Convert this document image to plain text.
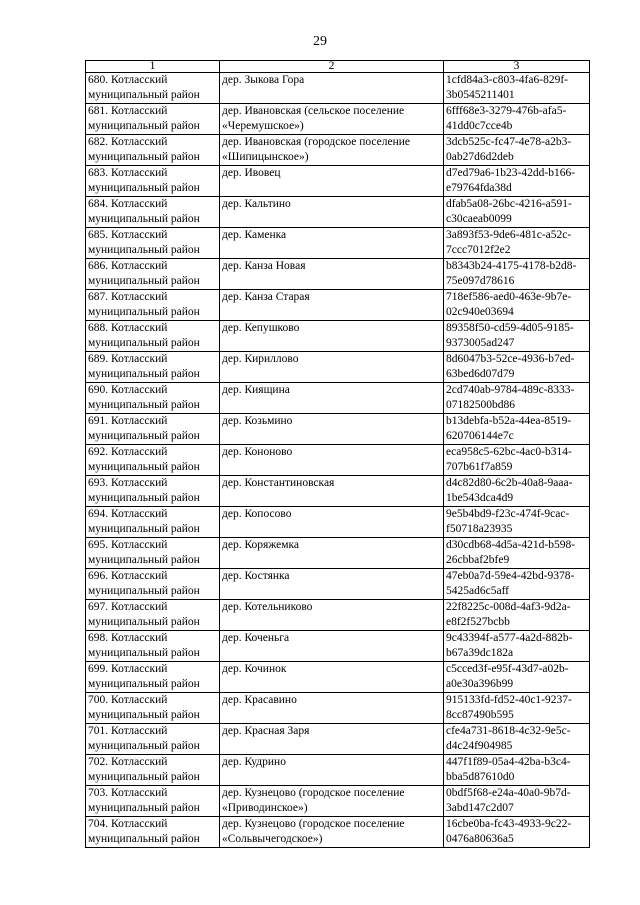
29
1	2	3

680. Котласский
муниципальный район	дер. Зыкова Гора	1cfd84a3-c803-4fa6-829f-
3b0545211401

681. Котласский
муниципальный район	дер. Ивановская (сельское поселение
«Черемушское»)	6fff68e3-3279-476b-afa5-
41dd0c7cce4b

682. Котласский
муниципальный район	дер. Ивановская (городское поселение
«Шипицынское»)	3dcb525c-fc47-4e78-a2b3-
0ab27d6d2deb

683. Котласский
муниципальный район	дер. Ивовец	d7ed79a6-1b23-42dd-b166-
e79764fda38d

684. Котласский
муниципальный район	дер. Кальтино	dfab5a08-26bc-4216-a591-
c30caeab0099

685. Котласский
муниципальный район	дер. Каменка	3a893f53-9de6-481c-a52c-
7ccc7012f2e2

686. Котласский
муниципальный район	дер. Канза Новая	b8343b24-4175-4178-b2d8-
75e097d78616

687. Котласский
муниципальный район	дер. Канза Старая	718ef586-aed0-463e-9b7e-
02c940e03694

688. Котласский
муниципальный район	дер. Кепушково	89358f50-cd59-4d05-9185-
9373005ad247

689. Котласский
муниципальный район	дер. Кириллово	8d6047b3-52ce-4936-b7ed-
63bed6d07d79

690. Котласский
муниципальный район	дер. Киящина	2cd740ab-9784-489c-8333-
07182500bd86

691. Котласский
муниципальный район	дер. Козьмино	b13debfa-b52a-44ea-8519-
620706144e7c

692. Котласский
муниципальный район	дер. Кононово	eca958c5-62bc-4ac0-b314-
707b61f7a859

693. Котласский
муниципальный район	дер. Константиновская	d4c82d80-6c2b-40a8-9aaa-
1be543dca4d9

694. Котласский
муниципальный район	дер. Копосово	9e5b4bd9-f23c-474f-9cac-
f50718a23935

695. Котласский
муниципальный район	дер. Коряжемка	d30cdb68-4d5a-421d-b598-
26cbbaf2bfe9

696. Котласский
муниципальный район	дер. Костянка	47eb0a7d-59e4-42bd-9378-
5425ad6c5aff

697. Котласский
муниципальный район	дер. Котельниково	22f8225c-008d-4af3-9d2a-
e8f2f527bcbb

698. Котласский
муниципальный район	дер. Коченьга	9c43394f-a577-4a2d-882b-
b67a39dc182a

699. Котласский
муниципальный район	дер. Кочинок	c5cced3f-e95f-43d7-a02b-
a0e30a396b99

700. Котласский
муниципальный район	дер. Красавино	915133fd-fd52-40c1-9237-
8cc87490b595

701. Котласский
муниципальный район	дер. Красная Заря	cfe4a731-8618-4c32-9e5c-
d4c24f904985

702. Котласский
муниципальный район	дер. Кудрино	447f1f89-05a4-42ba-b3c4-
bba5d87610d0

703. Котласский
муниципальный район	дер. Кузнецово (городское поселение
«Приводинское»)	0bdf5f68-e24a-40a0-9b7d-
3abd147c2d07

704. Котласский
муниципальный район	дер. Кузнецово (городское поселение
«Сольвычегодское»)	16cbe0ba-fc43-4933-9c22-
0476a80636a5
